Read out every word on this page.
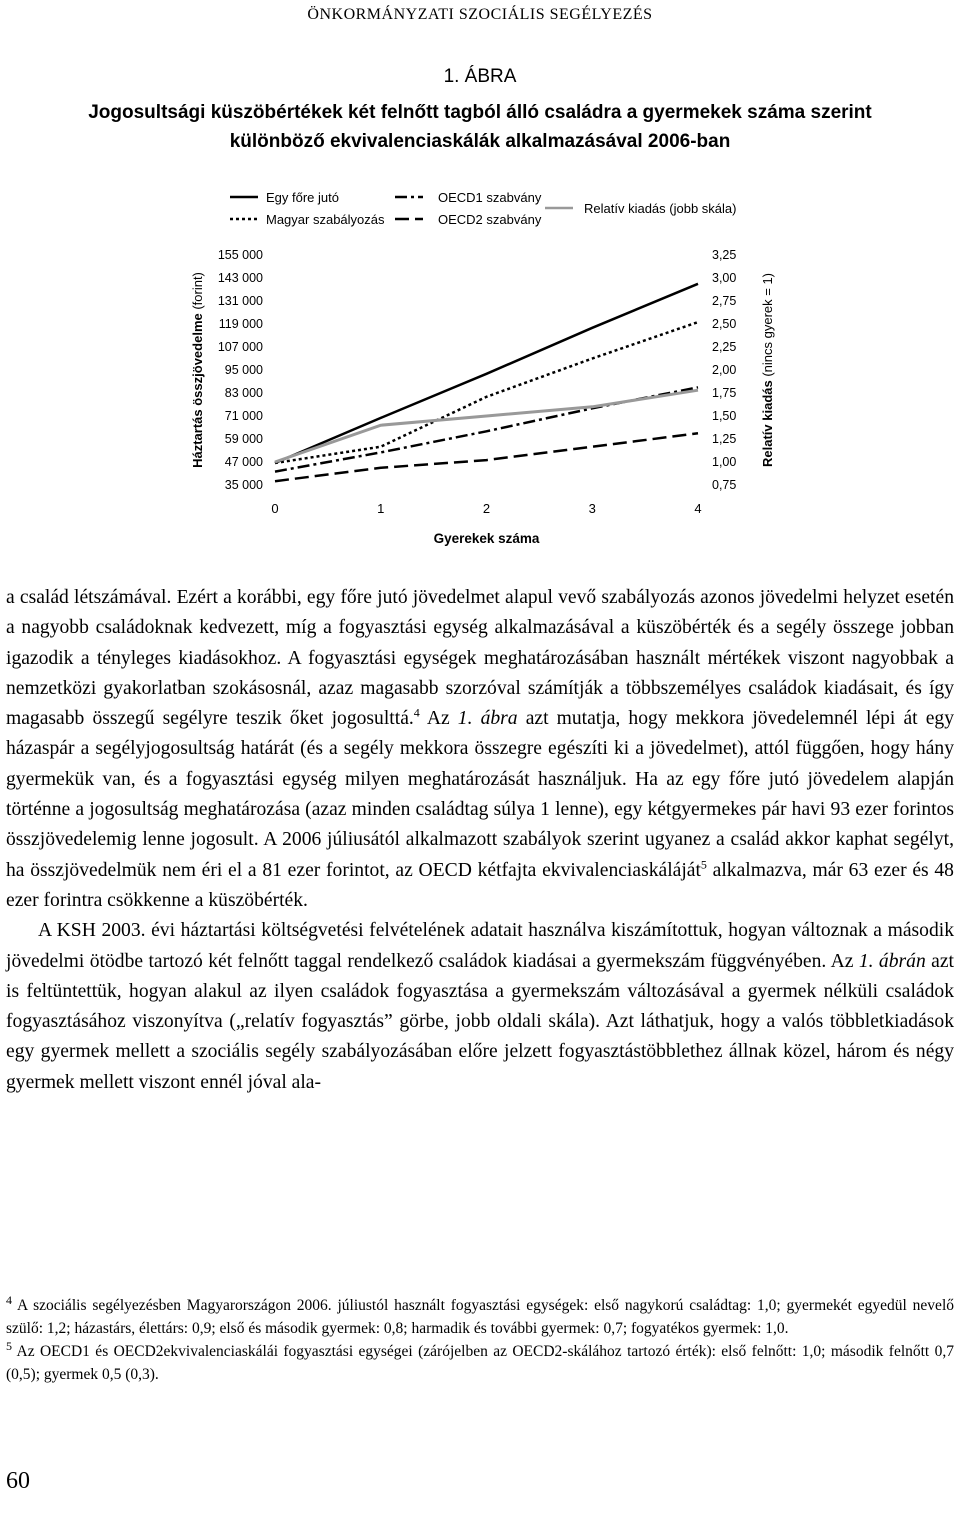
ÖNKORMÁNYZATI SZOCIÁLIS SEGÉLYEZÉS
1. ÁBRA
Jogosultsági küszöbértékek két felnőtt tagból álló családra a gyermekek száma szerint különböző ekvivalenciaskálák alkalmazásával 2006-ban
Egy főre jutó
Magyar szabályozás
OECD1 szabvány
OECD2 szabvány
Relatív kiadás (jobb skála)
155 000
143 000
131 000
119 000
107 000
95 000
83 000
71 000
59 000
47 000
35 000
3,25
3,00
2,75
2,50
2,25
2,00
1,75
1,50
1,25
1,00
0,75
0	1	2	3	4
Gyerekek száma
Háztartás összjövedelme (forint)
Relatív kiadás (nincs gyerek = 1)

a család létszámával. Ezért a korábbi, egy főre jutó jövedelmet alapul vevő szabályozás azonos jövedelmi helyzet esetén a nagyobb családoknak kedvezett, míg a fogyasztási egység alkalmazásával a küszöbérték és a segély összege jobban igazodik a tényleges kiadásokhoz. A fogyasztási egységek meghatározásában használt mértékek viszont nagyobbak a nemzetközi gyakorlatban szokásosnál, azaz magasabb szorzóval számítják a többszemélyes családok kiadásait, és így magasabb összegű segélyre teszik őket jogosulttá.$^4$ Az 1. ábra azt mutatja, hogy mekkora jövedelemnél lépi át egy házaspár a segélyjogosultság határát (és a segély mekkora összegre egészíti ki a jövedelmet), attól függően, hogy hány gyermekük van, és a fogyasztási egység milyen meghatározását használjuk. Ha az egy főre jutó jövedelem alapján történne a jogosultság meghatározása (azaz minden családtag súlya 1 lenne), egy kétgyermekes pár havi 93 ezer forintos összjövedelemig lenne jogosult. A 2006 júliusától alkalmazott szabályok szerint ugyanez a család akkor kaphat segélyt, ha összjövedelmük nem éri el a 81 ezer forintot, az OECD kétfajta ekvivalenciaskáláját$^5$ alkalmazva, már 63 ezer és 48 ezer forintra csökkenne a küszöbérték.

A KSH 2003. évi háztartási költségvetési felvételének adatait használva kiszámítottuk, hogyan változnak a második jövedelmi ötödbe tartozó két felnőtt taggal rendelkező családok kiadásai a gyermekszám függvényében. Az 1. ábrán azt is feltüntettük, hogyan alakul az ilyen családok fogyasztása a gyermekszám változásával a gyermek nélküli családok fogyasztásához viszonyítva („relatív fogyasztás” görbe, jobb oldali skála). Azt láthatjuk, hogy a valós többletkiadások egy gyermek mellett a szociális segély szabályozásában előre jelzett fogyasztástöbblethez állnak közel, három és négy gyermek mellett viszont ennél jóval ala-

$^4$ A szociális segélyezésben Magyarországon 2006. júliustól használt fogyasztási egységek: első nagykorú családtag: 1,0; gyermekét egyedül nevelő szülő: 1,2; házastárs, élettárs: 0,9; első és második gyermek: 0,8; harmadik és további gyermek: 0,7; fogyatékos gyermek: 1,0.

$^5$ Az OECD1 és OECD2ekvivalenciaskálái fogyasztási egységei (zárójelben az OECD2-skálához tartozó érték): első felnőtt: 1,0; második felnőtt 0,7 (0,5); gyermek 0,5 (0,3).

60
